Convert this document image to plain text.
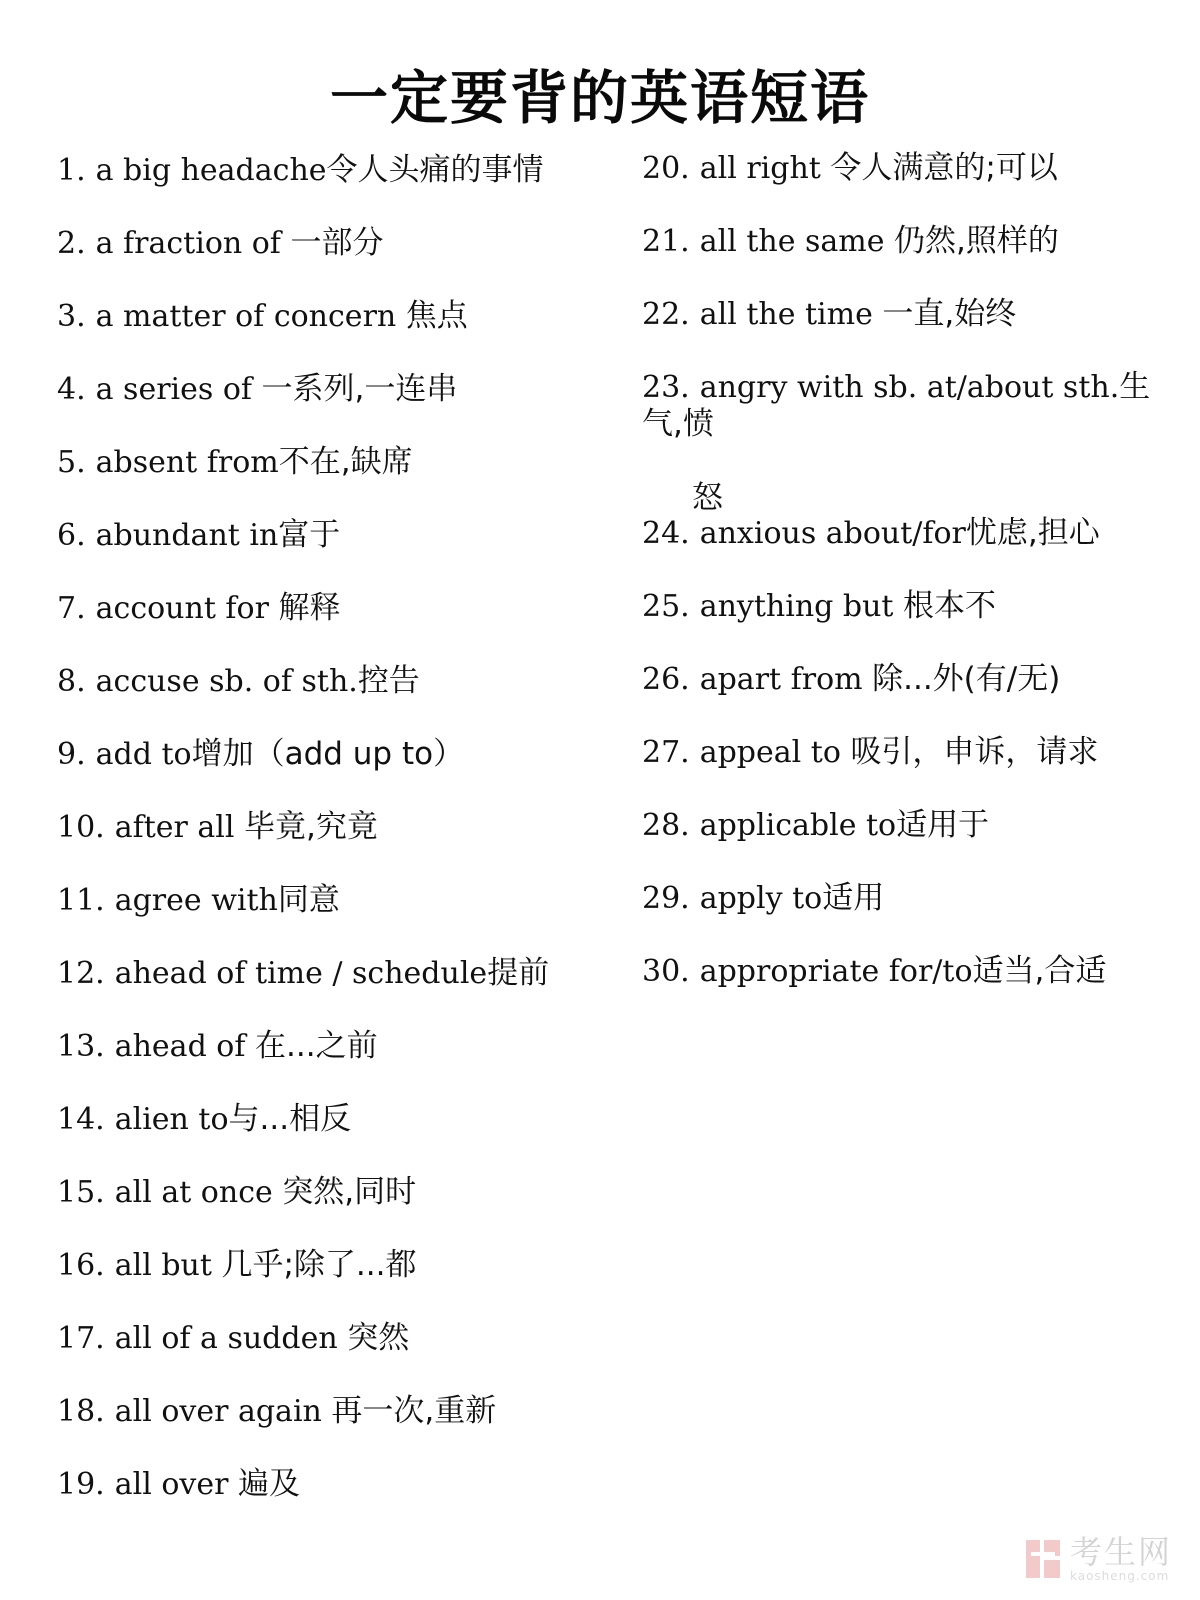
一定要背的英语短语
1. a big headache令人头痛的事情
2. a fraction of 一部分
3. a matter of concern 焦点
4. a series of 一系列,一连串
5. absent from不在,缺席
6. abundant in富于
7. account for 解释
8. accuse sb. of sth.控告
9. add to增加（add up to）
10. after all 毕竟,究竟
11. agree with同意
12. ahead of time / schedule提前
13. ahead of 在...之前
14. alien to与...相反
15. all at once 突然,同时
16. all but 几乎;除了...都
17. all of a sudden 突然
18. all over again 再一次,重新
19. all over 遍及
20. all right 令人满意的;可以
21. all the same 仍然,照样的
22. all the time 一直,始终
23. angry with sb. at/about sth.生气,愤
怒
24. anxious about/for忧虑,担心
25. anything but 根本不
26. apart from 除...外(有/无)
27. appeal to 吸引，申诉，请求
28. applicable to适用于
29. apply to适用
30. appropriate for/to适当,合适
考生网
kaosheng.com
